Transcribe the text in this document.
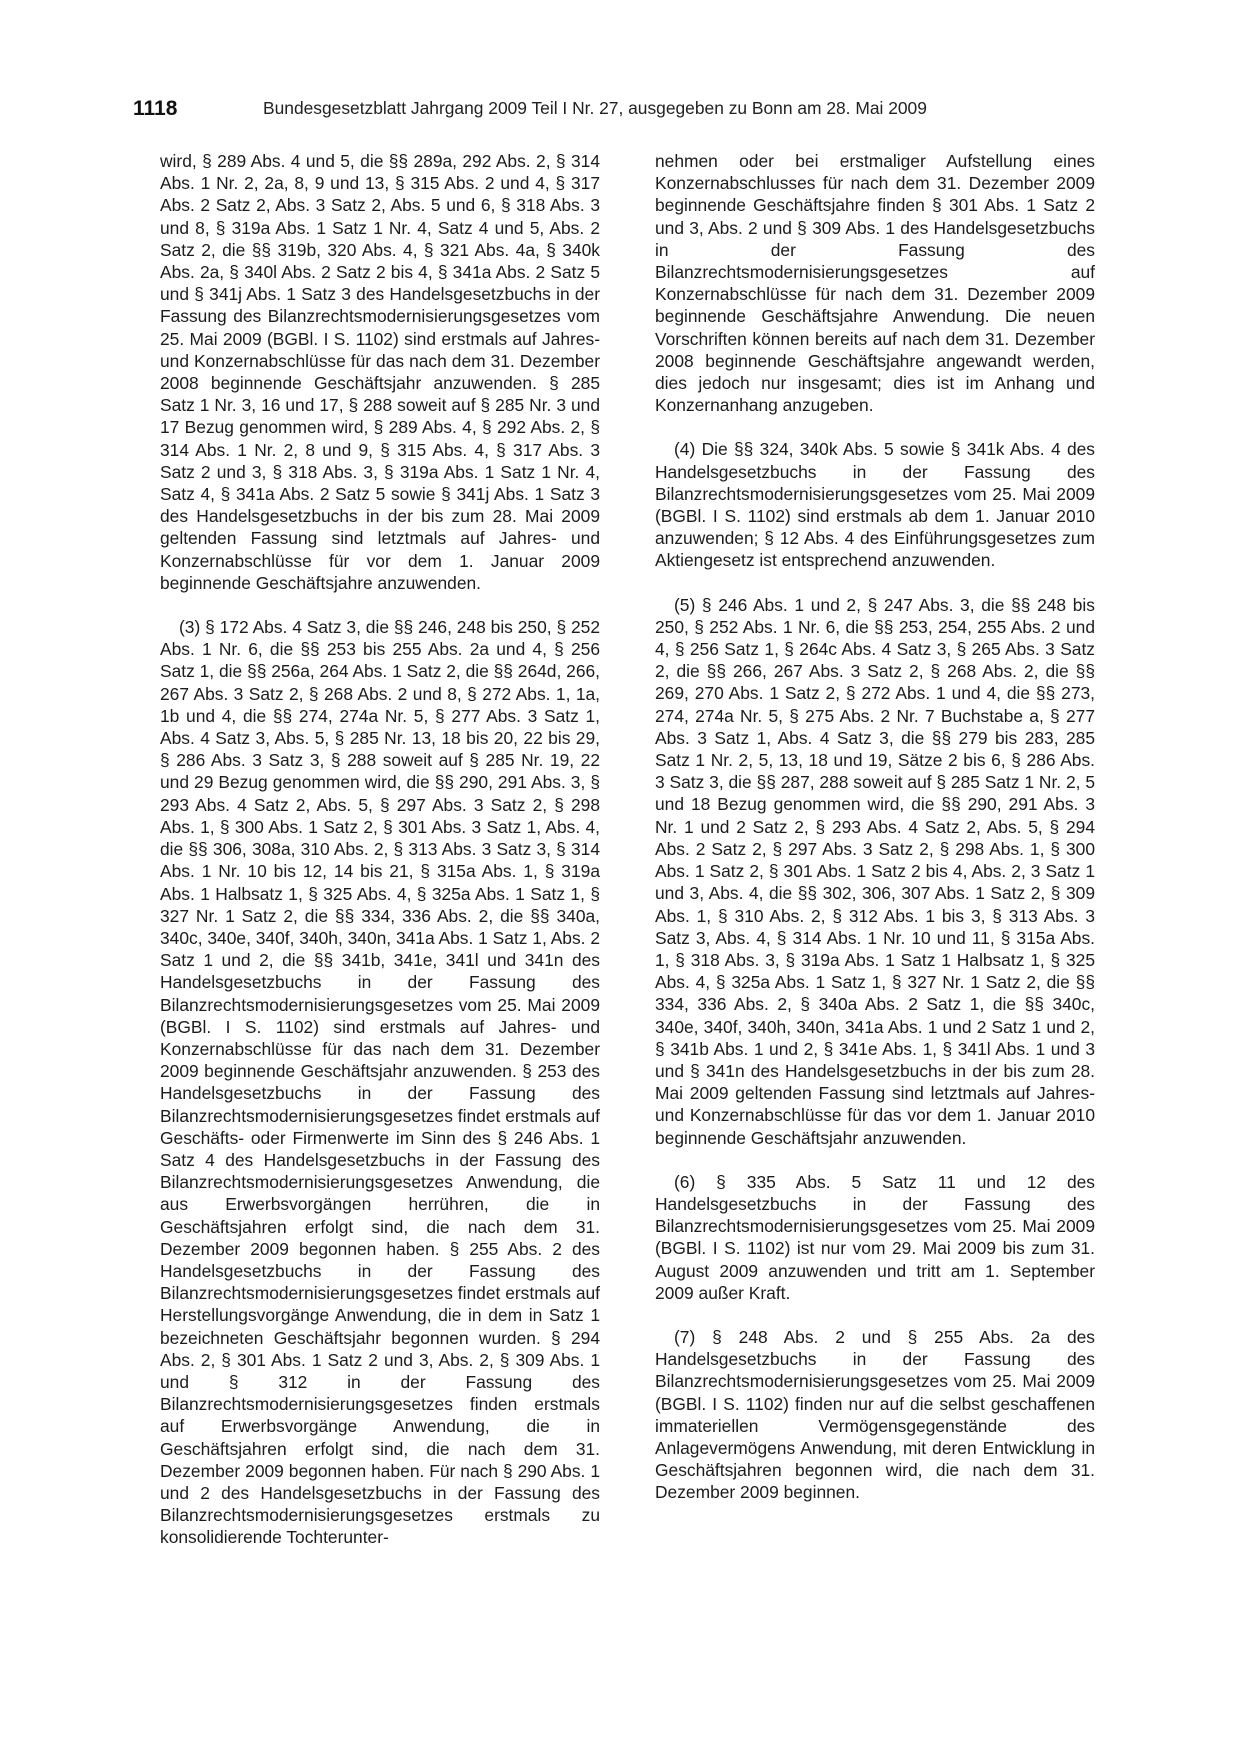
1118	Bundesgesetzblatt Jahrgang 2009 Teil I Nr. 27, ausgegeben zu Bonn am 28. Mai 2009

wird, § 289 Abs. 4 und 5, die §§ 289a, 292 Abs. 2, § 314 Abs. 1 Nr. 2, 2a, 8, 9 und 13, § 315 Abs. 2 und 4, § 317 Abs. 2 Satz 2, Abs. 3 Satz 2, Abs. 5 und 6, § 318 Abs. 3 und 8, § 319a Abs. 1 Satz 1 Nr. 4, Satz 4 und 5, Abs. 2 Satz 2, die §§ 319b, 320 Abs. 4, § 321 Abs. 4a, § 340k Abs. 2a, § 340l Abs. 2 Satz 2 bis 4, § 341a Abs. 2 Satz 5 und § 341j Abs. 1 Satz 3 des Handelsgesetzbuchs in der Fassung des Bilanzrechtsmodernisierungsgesetzes vom 25. Mai 2009 (BGBl. I S. 1102) sind erstmals auf Jahres- und Konzernabschlüsse für das nach dem 31. Dezember 2008 beginnende Geschäftsjahr anzuwenden. § 285 Satz 1 Nr. 3, 16 und 17, § 288 soweit auf § 285 Nr. 3 und 17 Bezug genommen wird, § 289 Abs. 4, § 292 Abs. 2, § 314 Abs. 1 Nr. 2, 8 und 9, § 315 Abs. 4, § 317 Abs. 3 Satz 2 und 3, § 318 Abs. 3, § 319a Abs. 1 Satz 1 Nr. 4, Satz 4, § 341a Abs. 2 Satz 5 sowie § 341j Abs. 1 Satz 3 des Handelsgesetzbuchs in der bis zum 28. Mai 2009 geltenden Fassung sind letztmals auf Jahres- und Konzernabschlüsse für vor dem 1. Januar 2009 beginnende Geschäftsjahre anzuwenden.

(3) § 172 Abs. 4 Satz 3, die §§ 246, 248 bis 250, § 252 Abs. 1 Nr. 6, die §§ 253 bis 255 Abs. 2a und 4, § 256 Satz 1, die §§ 256a, 264 Abs. 1 Satz 2, die §§ 264d, 266, 267 Abs. 3 Satz 2, § 268 Abs. 2 und 8, § 272 Abs. 1, 1a, 1b und 4, die §§ 274, 274a Nr. 5, § 277 Abs. 3 Satz 1, Abs. 4 Satz 3, Abs. 5, § 285 Nr. 13, 18 bis 20, 22 bis 29, § 286 Abs. 3 Satz 3, § 288 soweit auf § 285 Nr. 19, 22 und 29 Bezug genommen wird, die §§ 290, 291 Abs. 3, § 293 Abs. 4 Satz 2, Abs. 5, § 297 Abs. 3 Satz 2, § 298 Abs. 1, § 300 Abs. 1 Satz 2, § 301 Abs. 3 Satz 1, Abs. 4, die §§ 306, 308a, 310 Abs. 2, § 313 Abs. 3 Satz 3, § 314 Abs. 1 Nr. 10 bis 12, 14 bis 21, § 315a Abs. 1, § 319a Abs. 1 Halbsatz 1, § 325 Abs. 4, § 325a Abs. 1 Satz 1, § 327 Nr. 1 Satz 2, die §§ 334, 336 Abs. 2, die §§ 340a, 340c, 340e, 340f, 340h, 340n, 341a Abs. 1 Satz 1, Abs. 2 Satz 1 und 2, die §§ 341b, 341e, 341l und 341n des Handelsgesetzbuchs in der Fassung des Bilanzrechtsmodernisierungsgesetzes vom 25. Mai 2009 (BGBl. I S. 1102) sind erstmals auf Jahres- und Konzernabschlüsse für das nach dem 31. Dezember 2009 beginnende Geschäftsjahr anzuwenden. § 253 des Handelsgesetzbuchs in der Fassung des Bilanzrechtsmodernisierungsgesetzes findet erstmals auf Geschäfts- oder Firmenwerte im Sinn des § 246 Abs. 1 Satz 4 des Handelsgesetzbuchs in der Fassung des Bilanzrechtsmodernisierungsgesetzes Anwendung, die aus Erwerbsvorgängen herrühren, die in Geschäftsjahren erfolgt sind, die nach dem 31. Dezember 2009 begonnen haben. § 255 Abs. 2 des Handelsgesetzbuchs in der Fassung des Bilanzrechtsmodernisierungsgesetzes findet erstmals auf Herstellungsvorgänge Anwendung, die in dem in Satz 1 bezeichneten Geschäftsjahr begonnen wurden. § 294 Abs. 2, § 301 Abs. 1 Satz 2 und 3, Abs. 2, § 309 Abs. 1 und § 312 in der Fassung des Bilanzrechtsmodernisierungsgesetzes finden erstmals auf Erwerbsvorgänge Anwendung, die in Geschäftsjahren erfolgt sind, die nach dem 31. Dezember 2009 begonnen haben. Für nach § 290 Abs. 1 und 2 des Handelsgesetzbuchs in der Fassung des Bilanzrechtsmodernisierungsgesetzes erstmals zu konsolidierende Tochterunter-

nehmen oder bei erstmaliger Aufstellung eines Konzernabschlusses für nach dem 31. Dezember 2009 beginnende Geschäftsjahre finden § 301 Abs. 1 Satz 2 und 3, Abs. 2 und § 309 Abs. 1 des Handelsgesetzbuchs in der Fassung des Bilanzrechtsmodernisierungsgesetzes auf Konzernabschlüsse für nach dem 31. Dezember 2009 beginnende Geschäftsjahre Anwendung. Die neuen Vorschriften können bereits auf nach dem 31. Dezember 2008 beginnende Geschäftsjahre angewandt werden, dies jedoch nur insgesamt; dies ist im Anhang und Konzernanhang anzugeben.

(4) Die §§ 324, 340k Abs. 5 sowie § 341k Abs. 4 des Handelsgesetzbuchs in der Fassung des Bilanzrechtsmodernisierungsgesetzes vom 25. Mai 2009 (BGBl. I S. 1102) sind erstmals ab dem 1. Januar 2010 anzuwenden; § 12 Abs. 4 des Einführungsgesetzes zum Aktiengesetz ist entsprechend anzuwenden.

(5) § 246 Abs. 1 und 2, § 247 Abs. 3, die §§ 248 bis 250, § 252 Abs. 1 Nr. 6, die §§ 253, 254, 255 Abs. 2 und 4, § 256 Satz 1, § 264c Abs. 4 Satz 3, § 265 Abs. 3 Satz 2, die §§ 266, 267 Abs. 3 Satz 2, § 268 Abs. 2, die §§ 269, 270 Abs. 1 Satz 2, § 272 Abs. 1 und 4, die §§ 273, 274, 274a Nr. 5, § 275 Abs. 2 Nr. 7 Buchstabe a, § 277 Abs. 3 Satz 1, Abs. 4 Satz 3, die §§ 279 bis 283, 285 Satz 1 Nr. 2, 5, 13, 18 und 19, Sätze 2 bis 6, § 286 Abs. 3 Satz 3, die §§ 287, 288 soweit auf § 285 Satz 1 Nr. 2, 5 und 18 Bezug genommen wird, die §§ 290, 291 Abs. 3 Nr. 1 und 2 Satz 2, § 293 Abs. 4 Satz 2, Abs. 5, § 294 Abs. 2 Satz 2, § 297 Abs. 3 Satz 2, § 298 Abs. 1, § 300 Abs. 1 Satz 2, § 301 Abs. 1 Satz 2 bis 4, Abs. 2, 3 Satz 1 und 3, Abs. 4, die §§ 302, 306, 307 Abs. 1 Satz 2, § 309 Abs. 1, § 310 Abs. 2, § 312 Abs. 1 bis 3, § 313 Abs. 3 Satz 3, Abs. 4, § 314 Abs. 1 Nr. 10 und 11, § 315a Abs. 1, § 318 Abs. 3, § 319a Abs. 1 Satz 1 Halbsatz 1, § 325 Abs. 4, § 325a Abs. 1 Satz 1, § 327 Nr. 1 Satz 2, die §§ 334, 336 Abs. 2, § 340a Abs. 2 Satz 1, die §§ 340c, 340e, 340f, 340h, 340n, 341a Abs. 1 und 2 Satz 1 und 2, § 341b Abs. 1 und 2, § 341e Abs. 1, § 341l Abs. 1 und 3 und § 341n des Handelsgesetzbuchs in der bis zum 28. Mai 2009 geltenden Fassung sind letztmals auf Jahres- und Konzernabschlüsse für das vor dem 1. Januar 2010 beginnende Geschäftsjahr anzuwenden.

(6) § 335 Abs. 5 Satz 11 und 12 des Handelsgesetzbuchs in der Fassung des Bilanzrechtsmodernisierungsgesetzes vom 25. Mai 2009 (BGBl. I S. 1102) ist nur vom 29. Mai 2009 bis zum 31. August 2009 anzuwenden und tritt am 1. September 2009 außer Kraft.

(7) § 248 Abs. 2 und § 255 Abs. 2a des Handelsgesetzbuchs in der Fassung des Bilanzrechtsmodernisierungsgesetzes vom 25. Mai 2009 (BGBl. I S. 1102) finden nur auf die selbst geschaffenen immateriellen Vermögensgegenstände des Anlagevermögens Anwendung, mit deren Entwicklung in Geschäftsjahren begonnen wird, die nach dem 31. Dezember 2009 beginnen.
